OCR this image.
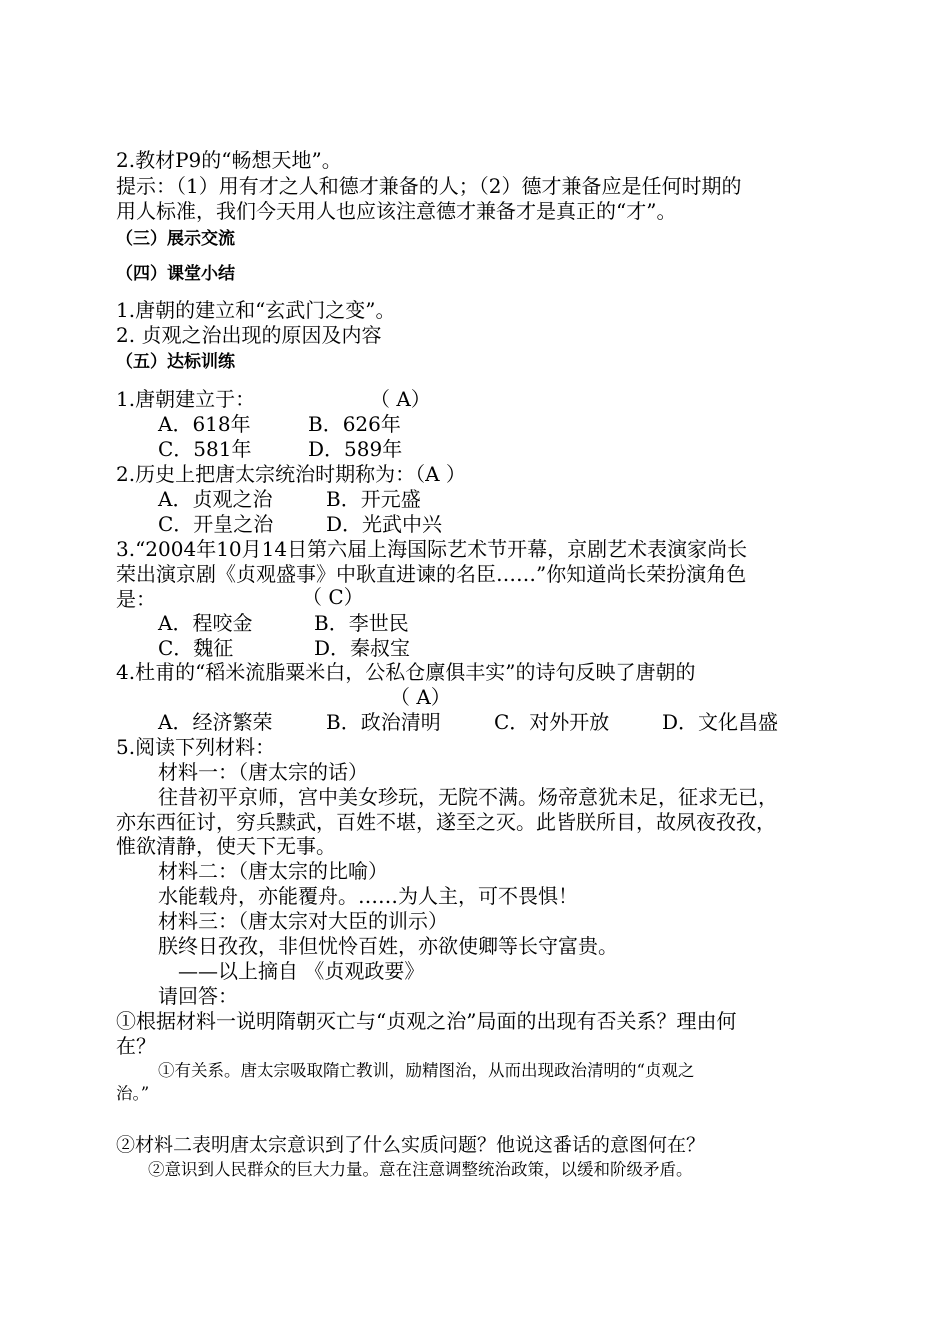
2.教材P9的“畅想天地”。
提示：（1）用有才之人和德才兼备的人；（2）德才兼备应是任何时期的
用人标准，我们今天用人也应该注意德才兼备才是真正的“才”。
（三）展示交流
（四）课堂小结
1.唐朝的建立和“玄武门之变”。
2. 贞观之治出现的原因及内容
（五）达标训练
1.唐朝建立于：	（ A）
A．618年	B．626年
C．581年	D．589年
2.历史上把唐太宗统治时期称为：（A ）
A．贞观之治	B．开元盛
C．开皇之治	D．光武中兴
3.“2004年10月14日第六届上海国际艺术节开幕，京剧艺术表演家尚长
荣出演京剧《贞观盛事》中耿直进谏的名臣……”你知道尚长荣扮演角色
是：	（ C）
A．程咬金	B．李世民
C．魏征	D．秦叔宝
4.杜甫的“稻米流脂粟米白，公私仓廪俱丰实”的诗句反映了唐朝的
（ A）
A．经济繁荣	B．政治清明	C．对外开放	D．文化昌盛
5.阅读下列材料：
材料一：（唐太宗的话）
往昔初平京师，宫中美女珍玩，无院不满。炀帝意犹未足，征求无已，
亦东西征讨，穷兵黩武，百姓不堪，遂至之灭。此皆朕所目，故夙夜孜孜，
惟欲清静，使天下无事。
材料二：（唐太宗的比喻）
水能载舟，亦能覆舟。……为人主，可不畏惧！
材料三：（唐太宗对大臣的训示）
朕终日孜孜，非但忧怜百姓，亦欲使卿等长守富贵。
——以上摘自 《贞观政要》
请回答：
①根据材料一说明隋朝灭亡与“贞观之治”局面的出现有否关系？理由何
在？
①有关系。唐太宗吸取隋亡教训，励精图治，从而出现政治清明的“贞观之
治。”
②材料二表明唐太宗意识到了什么实质问题？他说这番话的意图何在？
②意识到人民群众的巨大力量。意在注意调整统治政策，以缓和阶级矛盾。
